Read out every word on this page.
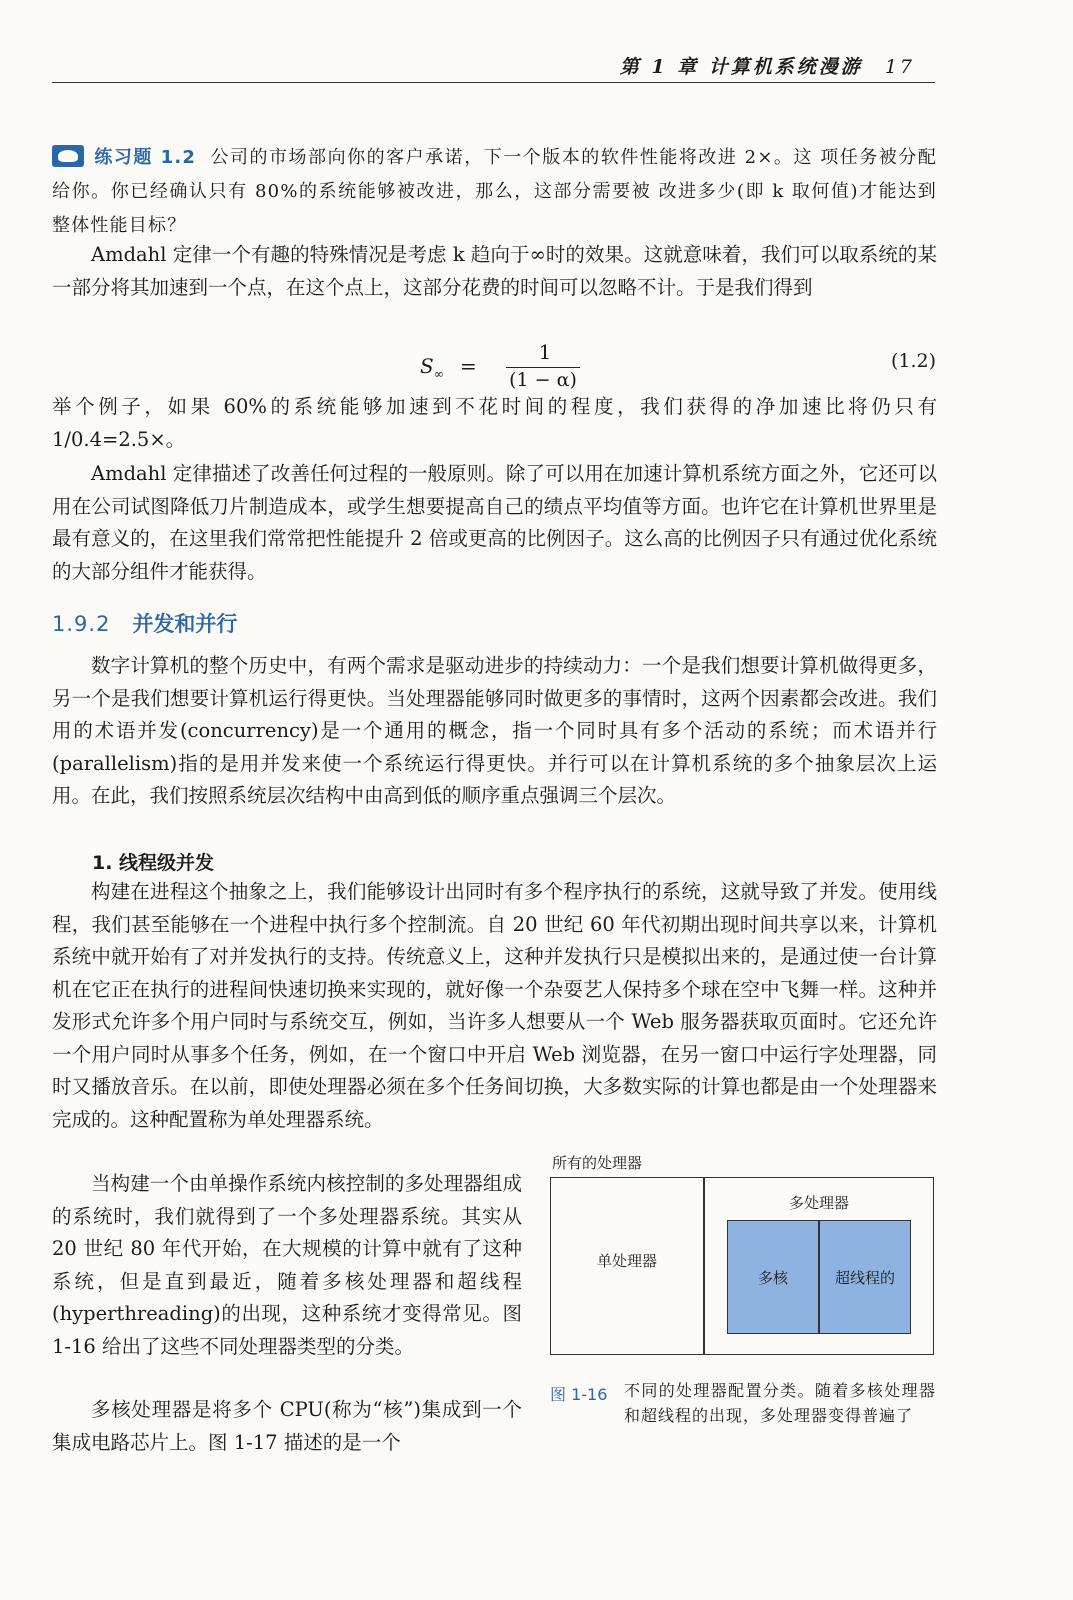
第 1 章 计算机系统漫游 17
练习题 1.2 公司的市场部向你的客户承诺，下一个版本的软件性能将改进 2×。这 项任务被分配给你。你已经确认只有 80%的系统能够被改进，那么，这部分需要被 改进多少(即 k 取何值)才能达到整体性能目标？

Amdahl 定律一个有趣的特殊情况是考虑 k 趋向于∞时的效果。这就意味着，我们可以取系统的某一部分将其加速到一个点，在这个点上，这部分花费的时间可以忽略不计。于是我们得到

$S_\infty$ =
1
(1 − α)
(1.2)

举个例子，如果 60%的系统能够加速到不花时间的程度，我们获得的净加速比将仍只有 1/0.4=2.5×。

Amdahl 定律描述了改善任何过程的一般原则。除了可以用在加速计算机系统方面之外，它还可以用在公司试图降低刀片制造成本，或学生想要提高自己的绩点平均值等方面。也许它在计算机世界里是最有意义的，在这里我们常常把性能提升 2 倍或更高的比例因子。这么高的比例因子只有通过优化系统的大部分组件才能获得。

1.9.2 并发和并行

数字计算机的整个历史中，有两个需求是驱动进步的持续动力：一个是我们想要计算机做得更多，另一个是我们想要计算机运行得更快。当处理器能够同时做更多的事情时，这两个因素都会改进。我们用的术语并发(concurrency)是一个通用的概念，指一个同时具有多个活动的系统；而术语并行(parallelism)指的是用并发来使一个系统运行得更快。并行可以在计算机系统的多个抽象层次上运用。在此，我们按照系统层次结构中由高到低的顺序重点强调三个层次。

1. 线程级并发

构建在进程这个抽象之上，我们能够设计出同时有多个程序执行的系统，这就导致了并发。使用线程，我们甚至能够在一个进程中执行多个控制流。自 20 世纪 60 年代初期出现时间共享以来，计算机系统中就开始有了对并发执行的支持。传统意义上，这种并发执行只是模拟出来的，是通过使一台计算机在它正在执行的进程间快速切换来实现的，就好像一个杂耍艺人保持多个球在空中飞舞一样。这种并发形式允许多个用户同时与系统交互，例如，当许多人想要从一个 Web 服务器获取页面时。它还允许一个用户同时从事多个任务，例如，在一个窗口中开启 Web 浏览器，在另一窗口中运行字处理器，同时又播放音乐。在以前，即使处理器必须在多个任务间切换，大多数实际的计算也都是由一个处理器来完成的。这种配置称为单处理器系统。

当构建一个由单操作系统内核控制的多处理器组成的系统时，我们就得到了一个多处理器系统。其实从 20 世纪 80 年代开始，在大规模的计算中就有了这种系统，但是直到最近，随着多核处理器和超线程(hyperthreading)的出现，这种系统才变得常见。图 1-16 给出了这些不同处理器类型的分类。

多核处理器是将多个 CPU(称为“核”)集成到一个集成电路芯片上。图 1-17 描述的是一个

所有的处理器
单处理器
多处理器
多核	超线程的
图 1-16 不同的处理器配置分类。随着多核处理器和超线程的出现，多处理器变得普遍了
